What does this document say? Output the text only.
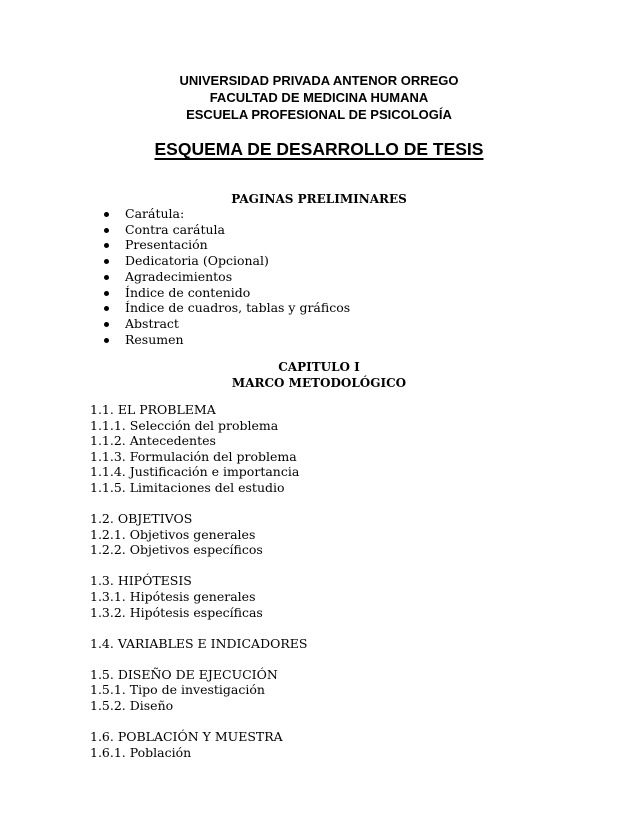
UNIVERSIDAD PRIVADA ANTENOR ORREGO
FACULTAD DE MEDICINA HUMANA
ESCUELA PROFESIONAL DE PSICOLOGÍA
ESQUEMA DE DESARROLLO DE TESIS
PAGINAS PRELIMINARES
Carátula:
Contra carátula
Presentación
Dedicatoria (Opcional)
Agradecimientos
Índice de contenido
Índice de cuadros, tablas y gráficos
Abstract
Resumen
CAPITULO I
MARCO METODOLÓGICO
1.1. EL PROBLEMA
1.1.1. Selección del problema
1.1.2. Antecedentes
1.1.3. Formulación del problema
1.1.4. Justificación e importancia
1.1.5. Limitaciones del estudio
1.2. OBJETIVOS
1.2.1. Objetivos generales
1.2.2. Objetivos específicos
1.3. HIPÓTESIS
1.3.1. Hipótesis generales
1.3.2. Hipótesis específicas
1.4. VARIABLES E INDICADORES
1.5. DISEÑO DE EJECUCIÓN
1.5.1. Tipo de investigación
1.5.2. Diseño
1.6. POBLACIÓN Y MUESTRA
1.6.1. Población
